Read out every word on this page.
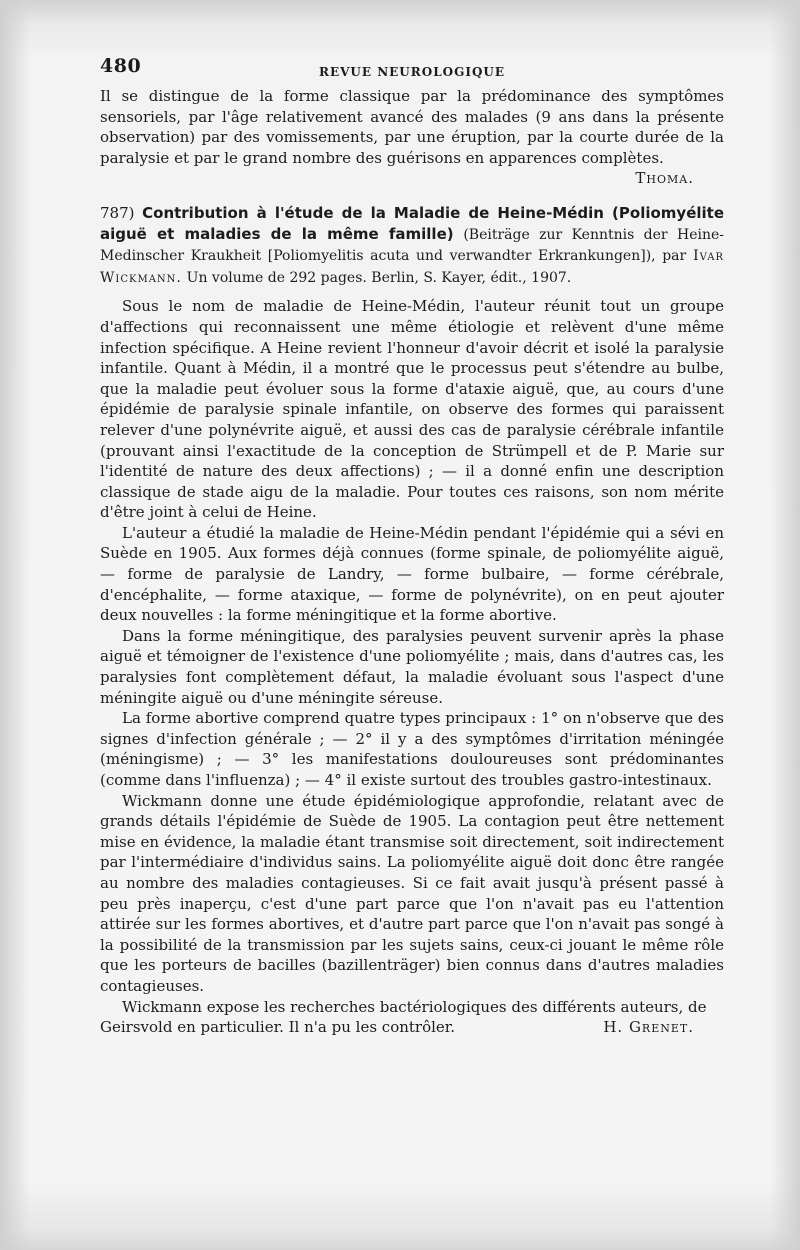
480	REVUE NEUROLOGIQUE

Il se distingue de la forme classique par la prédominance des symptômes sensoriels, par l'âge relativement avancé des malades (9 ans dans la présente observation) par des vomissements, par une éruption, par la courte durée de la paralysie et par le grand nombre des guérisons en apparences complètes.

Thoma.

787) Contribution à l'étude de la Maladie de Heine-Médin (Poliomyélite aiguë et maladies de la même famille) (Beiträge zur Kenntnis der Heine-Medinscher Kraukheit [Poliomyelitis acuta und verwandter Erkrankungen]), par Ivar Wickmann. Un volume de 292 pages. Berlin, S. Kayer, édit., 1907.

Sous le nom de maladie de Heine-Médin, l'auteur réunit tout un groupe d'affections qui reconnaissent une même étiologie et relèvent d'une même infection spécifique. A Heine revient l'honneur d'avoir décrit et isolé la paralysie infantile. Quant à Médin, il a montré que le processus peut s'étendre au bulbe, que la maladie peut évoluer sous la forme d'ataxie aiguë, que, au cours d'une épidémie de paralysie spinale infantile, on observe des formes qui paraissent relever d'une polynévrite aiguë, et aussi des cas de paralysie cérébrale infantile (prouvant ainsi l'exactitude de la conception de Strümpell et de P. Marie sur l'identité de nature des deux affections) ; — il a donné enfin une description classique de stade aigu de la maladie. Pour toutes ces raisons, son nom mérite d'être joint à celui de Heine.

L'auteur a étudié la maladie de Heine-Médin pendant l'épidémie qui a sévi en Suède en 1905. Aux formes déjà connues (forme spinale, de poliomyélite aiguë, — forme de paralysie de Landry, — forme bulbaire, — forme cérébrale, d'encéphalite, — forme ataxique, — forme de polynévrite), on en peut ajouter deux nouvelles : la forme méningitique et la forme abortive.

Dans la forme méningitique, des paralysies peuvent survenir après la phase aiguë et témoigner de l'existence d'une poliomyélite ; mais, dans d'autres cas, les paralysies font complètement défaut, la maladie évoluant sous l'aspect d'une méningite aiguë ou d'une méningite séreuse.

La forme abortive comprend quatre types principaux : 1° on n'observe que des signes d'infection générale ; — 2° il y a des symptômes d'irritation méningée (méningisme) ; — 3° les manifestations douloureuses sont prédominantes (comme dans l'influenza) ; — 4° il existe surtout des troubles gastro-intestinaux.

Wickmann donne une étude épidémiologique approfondie, relatant avec de grands détails l'épidémie de Suède de 1905. La contagion peut être nettement mise en évidence, la maladie étant transmise soit directement, soit indirectement par l'intermédiaire d'individus sains. La poliomyélite aiguë doit donc être rangée au nombre des maladies contagieuses. Si ce fait avait jusqu'à présent passé à peu près inaperçu, c'est d'une part parce que l'on n'avait pas eu l'attention attirée sur les formes abortives, et d'autre part parce que l'on n'avait pas songé à la possibilité de la transmission par les sujets sains, ceux-ci jouant le même rôle que les porteurs de bacilles (bazillenträger) bien connus dans d'autres maladies contagieuses.

Wickmann expose les recherches bactériologiques des différents auteurs, de

Geirsvold en particulier. Il n'a pu les contrôler.	H. Grenet.
